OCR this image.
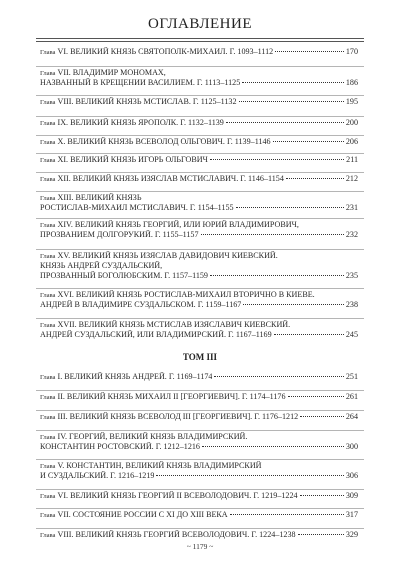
ОГЛАВЛЕНИЕ
Глава VI. ВЕЛИКИЙ КНЯЗЬ СВЯТОПОЛК-МИХАИЛ. Г. 1093–1112	170
Глава VII. ВЛАДИМИР МОНОМАХ,
НАЗВАННЫЙ В КРЕЩЕНИИ ВАСИЛИЕМ. Г. 1113–1125	186
Глава VIII. ВЕЛИКИЙ КНЯЗЬ МСТИСЛАВ. Г. 1125–1132	195
Глава IX. ВЕЛИКИЙ КНЯЗЬ ЯРОПОЛК. Г. 1132–1139	200
Глава X. ВЕЛИКИЙ КНЯЗЬ ВСЕВОЛОД ОЛЬГОВИЧ. Г. 1139–1146	206
Глава XI. ВЕЛИКИЙ КНЯЗЬ ИГОРЬ ОЛЬГОВИЧ	211
Глава XII. ВЕЛИКИЙ КНЯЗЬ ИЗЯСЛАВ МСТИСЛАВИЧ. Г. 1146–1154	212
Глава XIII. ВЕЛИКИЙ КНЯЗЬ
РОСТИСЛАВ-МИХАИЛ МСТИСЛАВИЧ. Г. 1154–1155	231
Глава XIV. ВЕЛИКИЙ КНЯЗЬ ГЕОРГИЙ, ИЛИ ЮРИЙ ВЛАДИМИРОВИЧ,
ПРОЗВАНИЕМ ДОЛГОРУКИЙ. Г. 1155–1157	232
Глава XV. ВЕЛИКИЙ КНЯЗЬ ИЗЯСЛАВ ДАВИДОВИЧ КИЕВСКИЙ.
КНЯЗЬ АНДРЕЙ СУЗДАЛЬСКИЙ,
ПРОЗВАННЫЙ БОГОЛЮБСКИМ. Г. 1157–1159	235
Глава XVI. ВЕЛИКИЙ КНЯЗЬ РОСТИСЛАВ-МИХАИЛ ВТОРИЧНО В КИЕВЕ.
АНДРЕЙ В ВЛАДИМИРЕ СУЗДАЛЬСКОМ. Г. 1159–1167	238
Глава XVII. ВЕЛИКИЙ КНЯЗЬ МСТИСЛАВ ИЗЯСЛАВИЧ КИЕВСКИЙ.
АНДРЕЙ СУЗДАЛЬСКИЙ, ИЛИ ВЛАДИМИРСКИЙ. Г. 1167–1169	245
Глава I. ВЕЛИКИЙ КНЯЗЬ АНДРЕЙ. Г. 1169–1174	251
Глава II. ВЕЛИКИЙ КНЯЗЬ МИХАИЛ II [ГЕОРГИЕВИЧ]. Г. 1174–1176	261
Глава III. ВЕЛИКИЙ КНЯЗЬ ВСЕВОЛОД III [ГЕОРГИЕВИЧ]. Г. 1176–1212	264
Глава IV. ГЕОРГИЙ, ВЕЛИКИЙ КНЯЗЬ ВЛАДИМИРСКИЙ.
КОНСТАНТИН РОСТОВСКИЙ. Г. 1212–1216	300
Глава V. КОНСТАНТИН, ВЕЛИКИЙ КНЯЗЬ ВЛАДИМИРСКИЙ
И СУЗДАЛЬСКИЙ. Г. 1216–1219	306
Глава VI. ВЕЛИКИЙ КНЯЗЬ ГЕОРГИЙ II ВСЕВОЛОДОВИЧ. Г. 1219–1224	309
Глава VII. СОСТОЯНИЕ РОССИИ С XI ДО XIII ВЕКА	317
Глава VIII. ВЕЛИКИЙ КНЯЗЬ ГЕОРГИЙ ВСЕВОЛОДОВИЧ. Г. 1224–1238	329
ТОМ III
~ 1179 ~
